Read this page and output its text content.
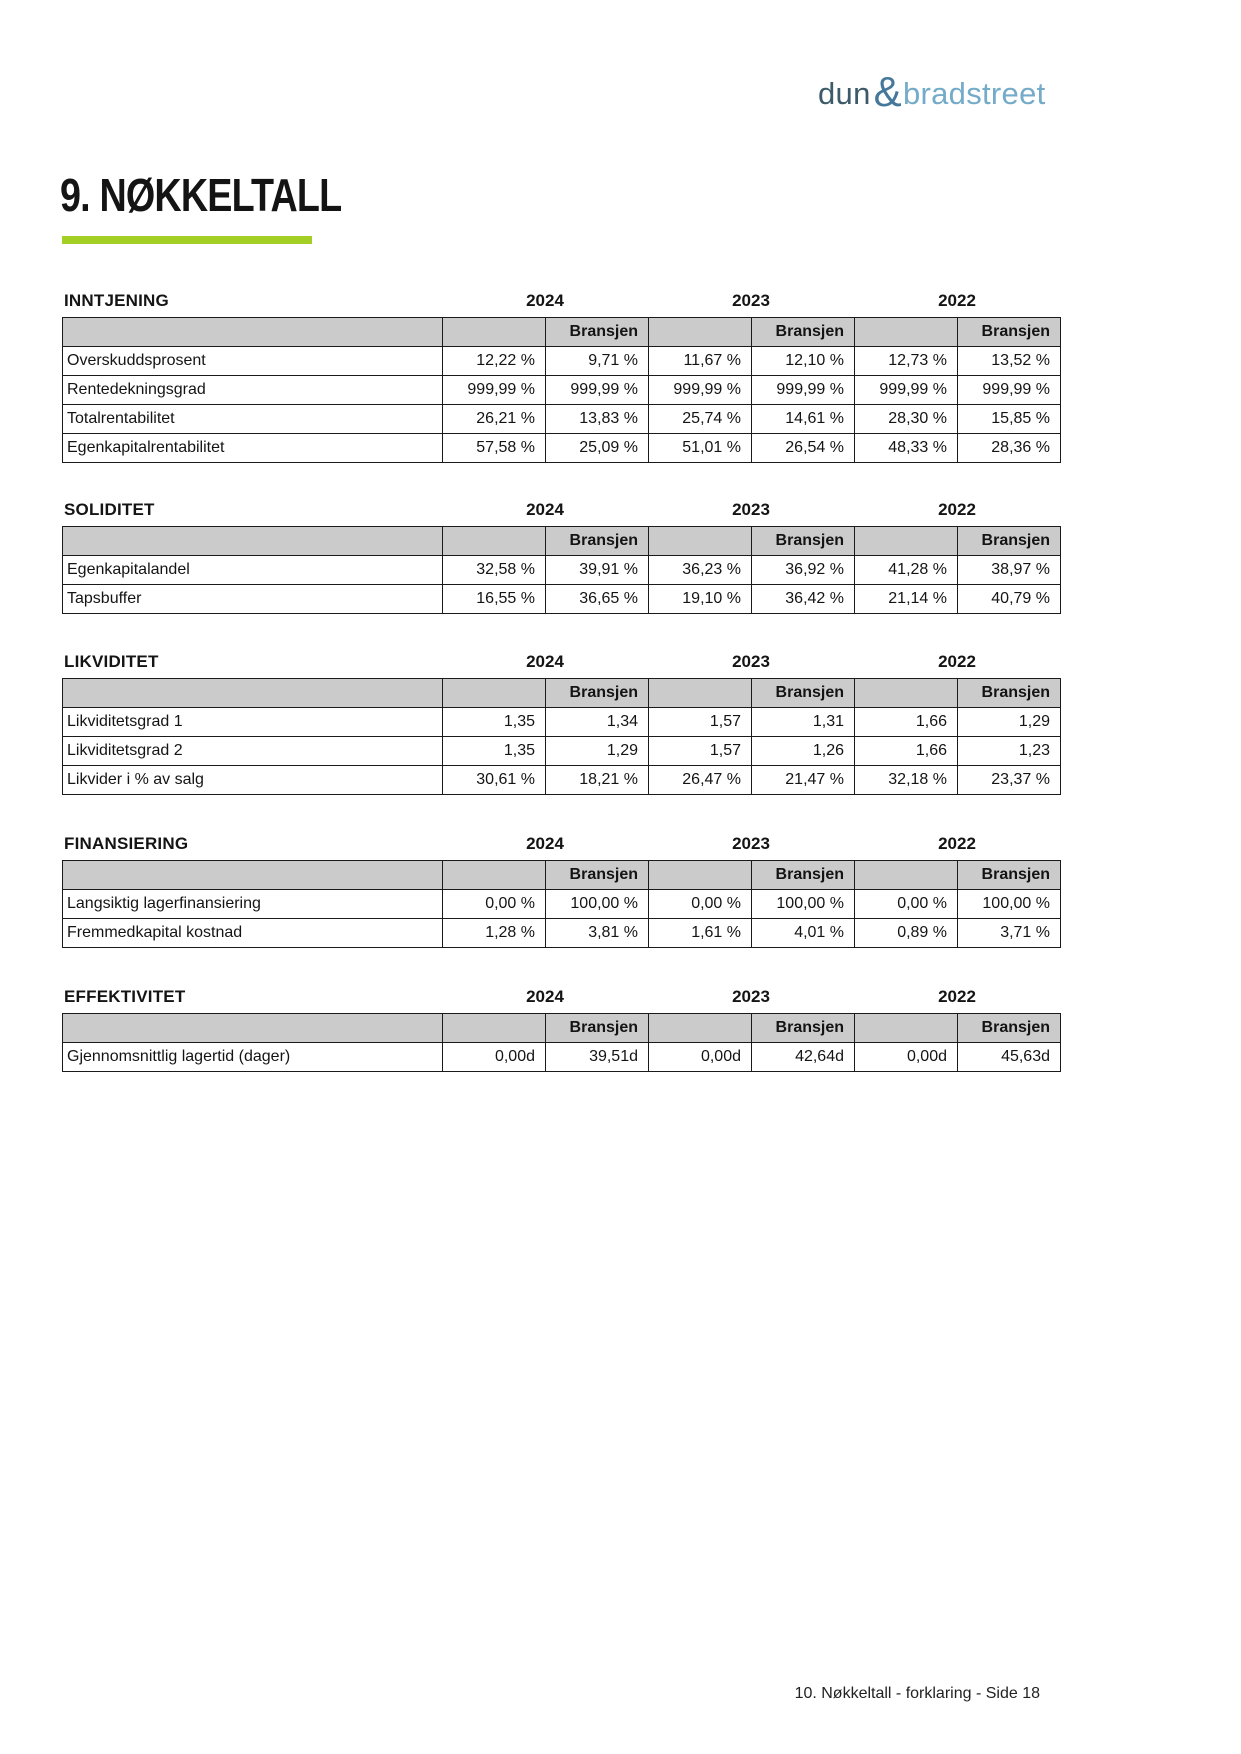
dun & bradstreet
9. NØKKELTALL
INNTJENING	2024	2023	2022
		Bransjen		Bransjen		Bransjen
Overskuddsprosent	12,22 %	9,71 %	11,67 %	12,10 %	12,73 %	13,52 %
Rentedekningsgrad	999,99 %	999,99 %	999,99 %	999,99 %	999,99 %	999,99 %
Totalrentabilitet	26,21 %	13,83 %	25,74 %	14,61 %	28,30 %	15,85 %
Egenkapitalrentabilitet	57,58 %	25,09 %	51,01 %	26,54 %	48,33 %	28,36 %
SOLIDITET	2024	2023	2022
		Bransjen		Bransjen		Bransjen
Egenkapitalandel	32,58 %	39,91 %	36,23 %	36,92 %	41,28 %	38,97 %
Tapsbuffer	16,55 %	36,65 %	19,10 %	36,42 %	21,14 %	40,79 %
LIKVIDITET	2024	2023	2022
		Bransjen		Bransjen		Bransjen
Likviditetsgrad 1	1,35	1,34	1,57	1,31	1,66	1,29
Likviditetsgrad 2	1,35	1,29	1,57	1,26	1,66	1,23
Likvider i % av salg	30,61 %	18,21 %	26,47 %	21,47 %	32,18 %	23,37 %
FINANSIERING	2024	2023	2022
		Bransjen		Bransjen		Bransjen
Langsiktig lagerfinansiering	0,00 %	100,00 %	0,00 %	100,00 %	0,00 %	100,00 %
Fremmedkapital kostnad	1,28 %	3,81 %	1,61 %	4,01 %	0,89 %	3,71 %
EFFEKTIVITET	2024	2023	2022
		Bransjen		Bransjen		Bransjen
Gjennomsnittlig lagertid (dager)	0,00d	39,51d	0,00d	42,64d	0,00d	45,63d
10. Nøkkeltall - forklaring - Side 18
